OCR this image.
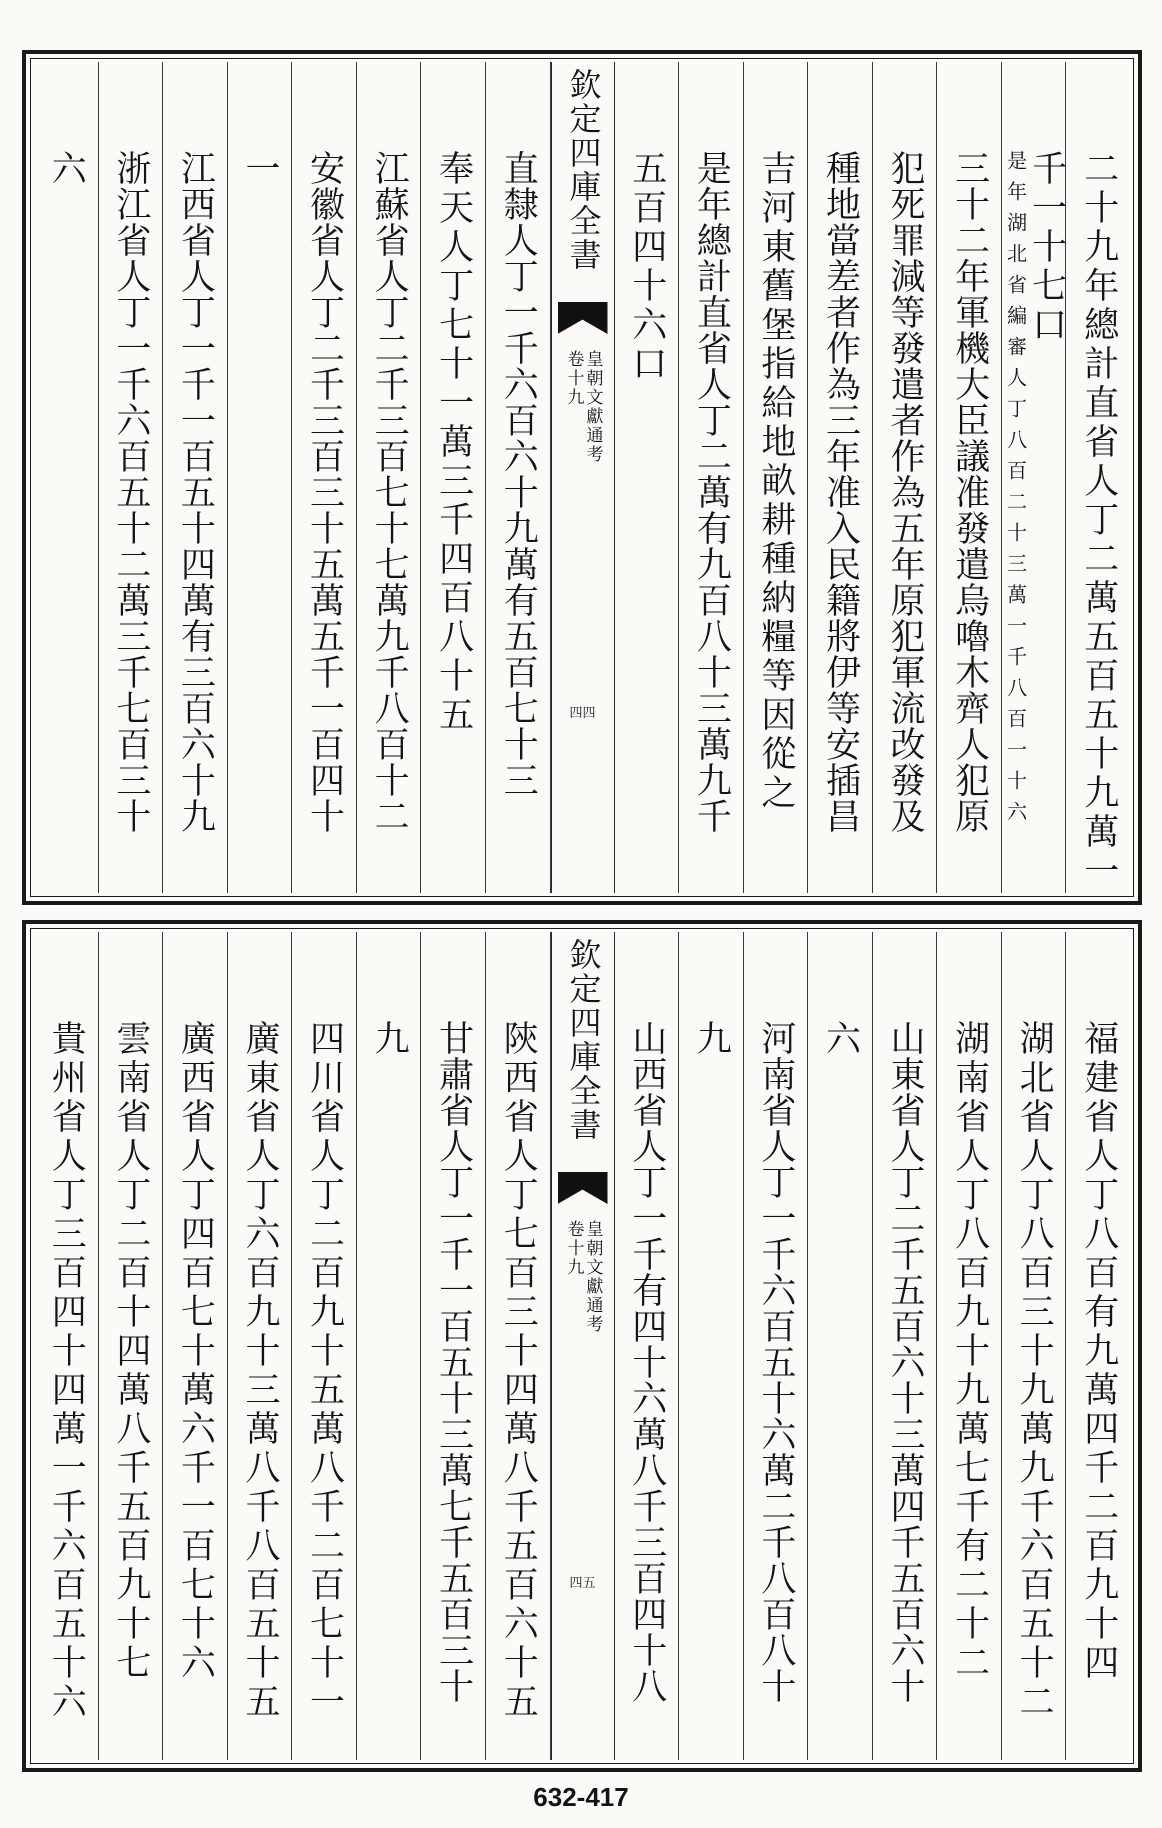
二十九年總計直省人丁二萬五百五十九萬一
千一十七口
是年湖北省編審人丁八百二十三萬一千八百一十六
三十二年軍機大臣議准發遣烏嚕木齊人犯原
犯死罪減等發遣者作為五年原犯軍流改發及
種地當差者作為三年准入民籍將伊等安插昌
吉河東舊堡指給地畝耕種納糧等因從之
是年總計直省人丁二萬有九百八十三萬九千
五百四十六口
欽定四庫全書
皇朝文獻通考
卷十九
四四
直隸人丁一千六百六十九萬有五百七十三
奉天人丁七十一萬三千四百八十五
江蘇省人丁二千三百七十七萬九千八百十二
安徽省人丁二千三百三十五萬五千一百四十
一
江西省人丁一千一百五十四萬有三百六十九
浙江省人丁一千六百五十二萬三千七百三十
六
福建省人丁八百有九萬四千二百九十四
湖北省人丁八百三十九萬九千六百五十二
湖南省人丁八百九十九萬七千有二十二
山東省人丁二千五百六十三萬四千五百六十
六
河南省人丁一千六百五十六萬二千八百八十
九
山西省人丁一千有四十六萬八千三百四十八
欽定四庫全書
皇朝文獻通考
卷十九
四五
陝西省人丁七百三十四萬八千五百六十五
甘肅省人丁一千一百五十三萬七千五百三十
九
四川省人丁二百九十五萬八千二百七十一
廣東省人丁六百九十三萬八千八百五十五
廣西省人丁四百七十萬六千一百七十六
雲南省人丁二百十四萬八千五百九十七
貴州省人丁三百四十四萬一千六百五十六
632-417
